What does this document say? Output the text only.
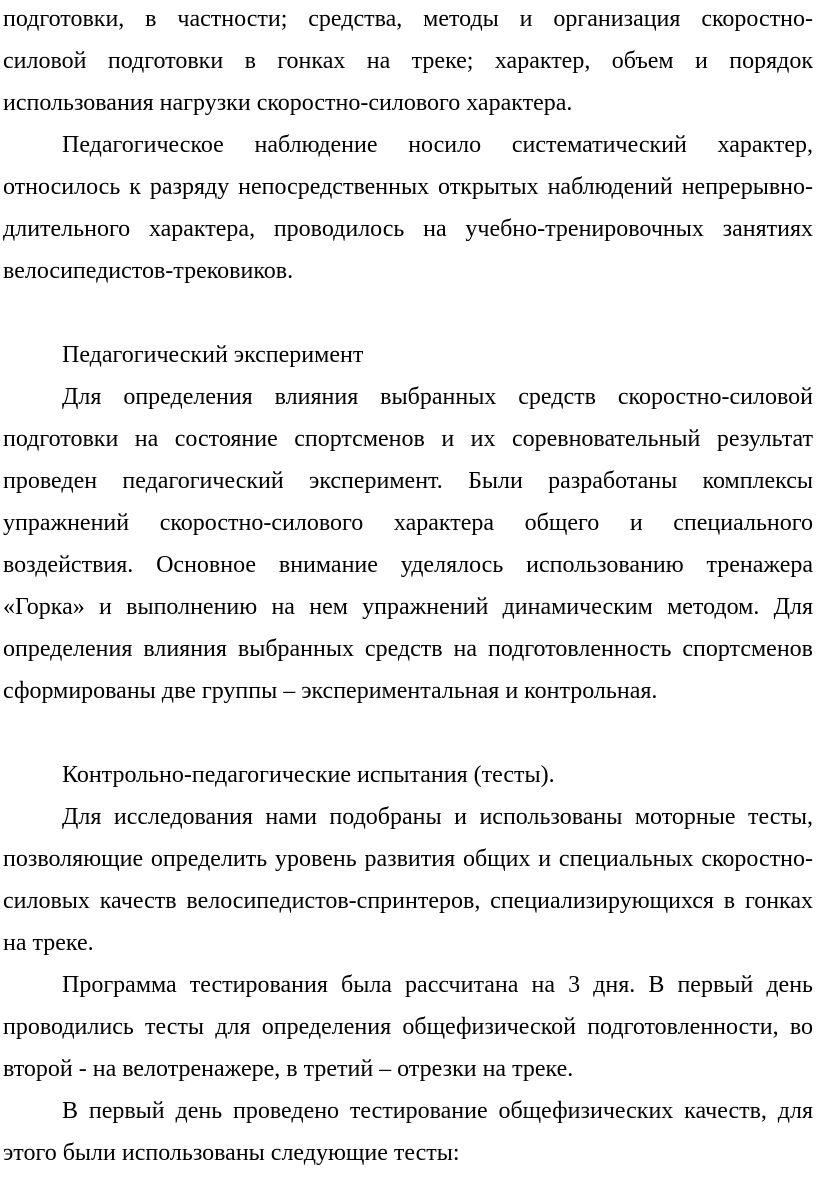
подготовки, в частности; средства, методы и организация скоростно-
силовой подготовки в гонках на треке; характер, объем и порядок
использования нагрузки скоростно-силового характера.
Педагогическое наблюдение носило систематический характер,
относилось к разряду непосредственных открытых наблюдений непрерывно-
длительного характера, проводилось на учебно-тренировочных занятиях
велосипедистов-трековиков.
Педагогический эксперимент
Для определения влияния выбранных средств скоростно-силовой
подготовки на состояние спортсменов и их соревновательный результат
проведен педагогический эксперимент. Были разработаны комплексы
упражнений скоростно-силового характера общего и специального
воздействия. Основное внимание уделялось использованию тренажера
«Горка» и выполнению на нем упражнений динамическим методом. Для
определения влияния выбранных средств на подготовленность спортсменов
сформированы две группы – экспериментальная и контрольная.
Контрольно-педагогические испытания (тесты).
Для исследования нами подобраны и использованы моторные тесты,
позволяющие определить уровень развития общих и специальных скоростно-
силовых качеств велосипедистов-спринтеров, специализирующихся в гонках
на треке.
Программа тестирования была рассчитана на 3 дня. В первый день
проводились тесты для определения общефизической подготовленности, во
второй - на велотренажере, в третий – отрезки на треке.
В первый день проведено тестирование общефизических качеств, для
этого были использованы следующие тесты:
